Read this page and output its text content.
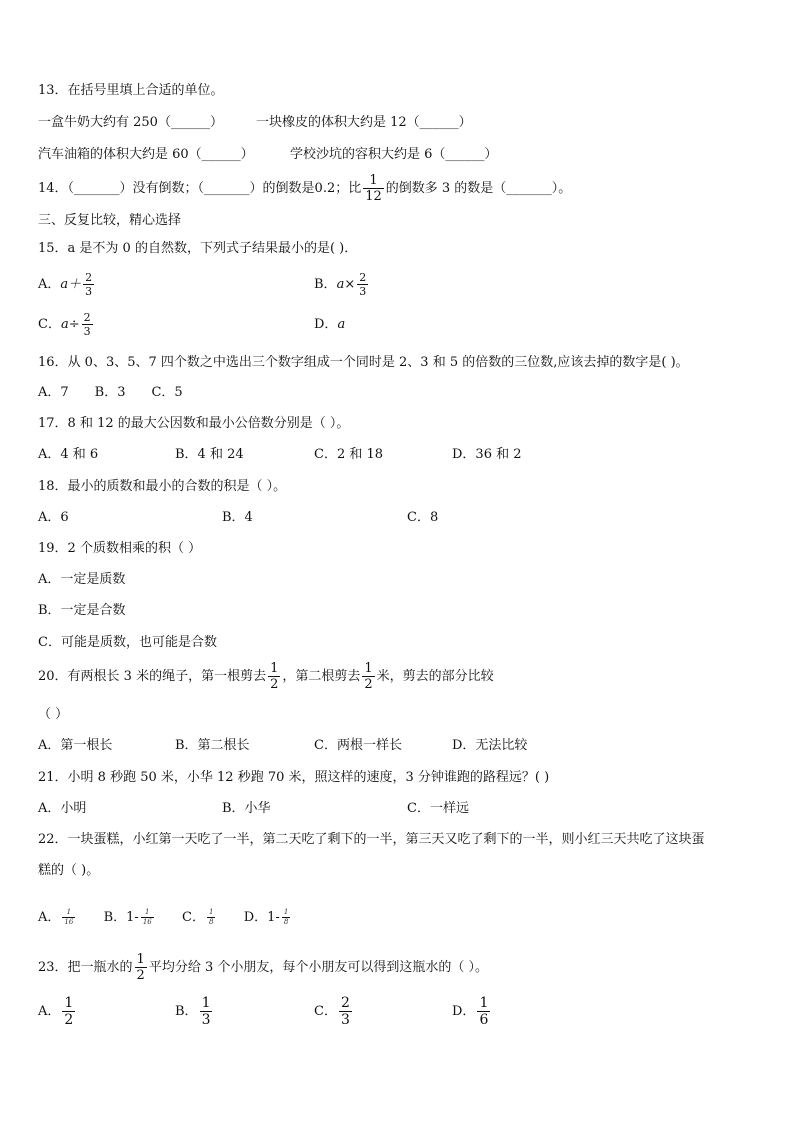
13．在括号里填上合适的单位。
一盒牛奶大约有 250（______）	一块橡皮的体积大约是 12（______）
汽车油箱的体积大约是 60（______）	学校沙坑的容积大约是 6（______）
14．（_______）没有倒数；（_______）的倒数是0.2；比 $\frac{1}{12}$ 的倒数多 3 的数是（_______）。
三、反复比较，精心选择
15．a 是不为 0 的自然数，下列式子结果最小的是( )．
A．$a+ \frac{2}{3}$	B．$a\times \frac{2}{3}$
C．$a\div \frac{2}{3}$	D．a
16．从 0、3、5、7 四个数之中选出三个数字组成一个同时是 2、3 和 5 的倍数的三位数,应该去掉的数字是( )。
A．7　　B．3　　C．5
17．8 和 12 的最大公因数和最小公倍数分别是（ ）。
A．4 和 6	B．4 和 24	C．2 和 18	D．36 和 2
18．最小的质数和最小的合数的积是（ ）。
A．6	B．4	C．8
19．2 个质数相乘的积（ ）
A．一定是质数
B．一定是合数
C．可能是质数，也可能是合数
20．有两根长 3 米的绳子，第一根剪去 $\frac{1}{2}$ ，第二根剪去 $\frac{1}{2}$ 米，剪去的部分比较
（ ）
A．第一根长	B．第二根长	C．两根一样长	D．无法比较
21．小明 8 秒跑 50 米，小华 12 秒跑 70 米，照这样的速度，3 分钟谁跑的路程远？( )
A．小明	B．小华	C．一样远
22．一块蛋糕，小红第一天吃了一半，第二天吃了剩下的一半，第三天又吃了剩下的一半，则小红三天共吃了这块蛋
糕的（ )。
A． $\frac{1}{16}$ B．$1- \frac{1}{16}$ C． $\frac{1}{8}$ D．$1- \frac{1}{8}$
23．把一瓶水的 $\frac{1}{2}$ 平均分给 3 个小朋友，每个小朋友可以得到这瓶水的（ ）。
A． $\frac{1}{2}$	B． $\frac{1}{3}$	C． $\frac{2}{3}$	D． $\frac{1}{6}$
